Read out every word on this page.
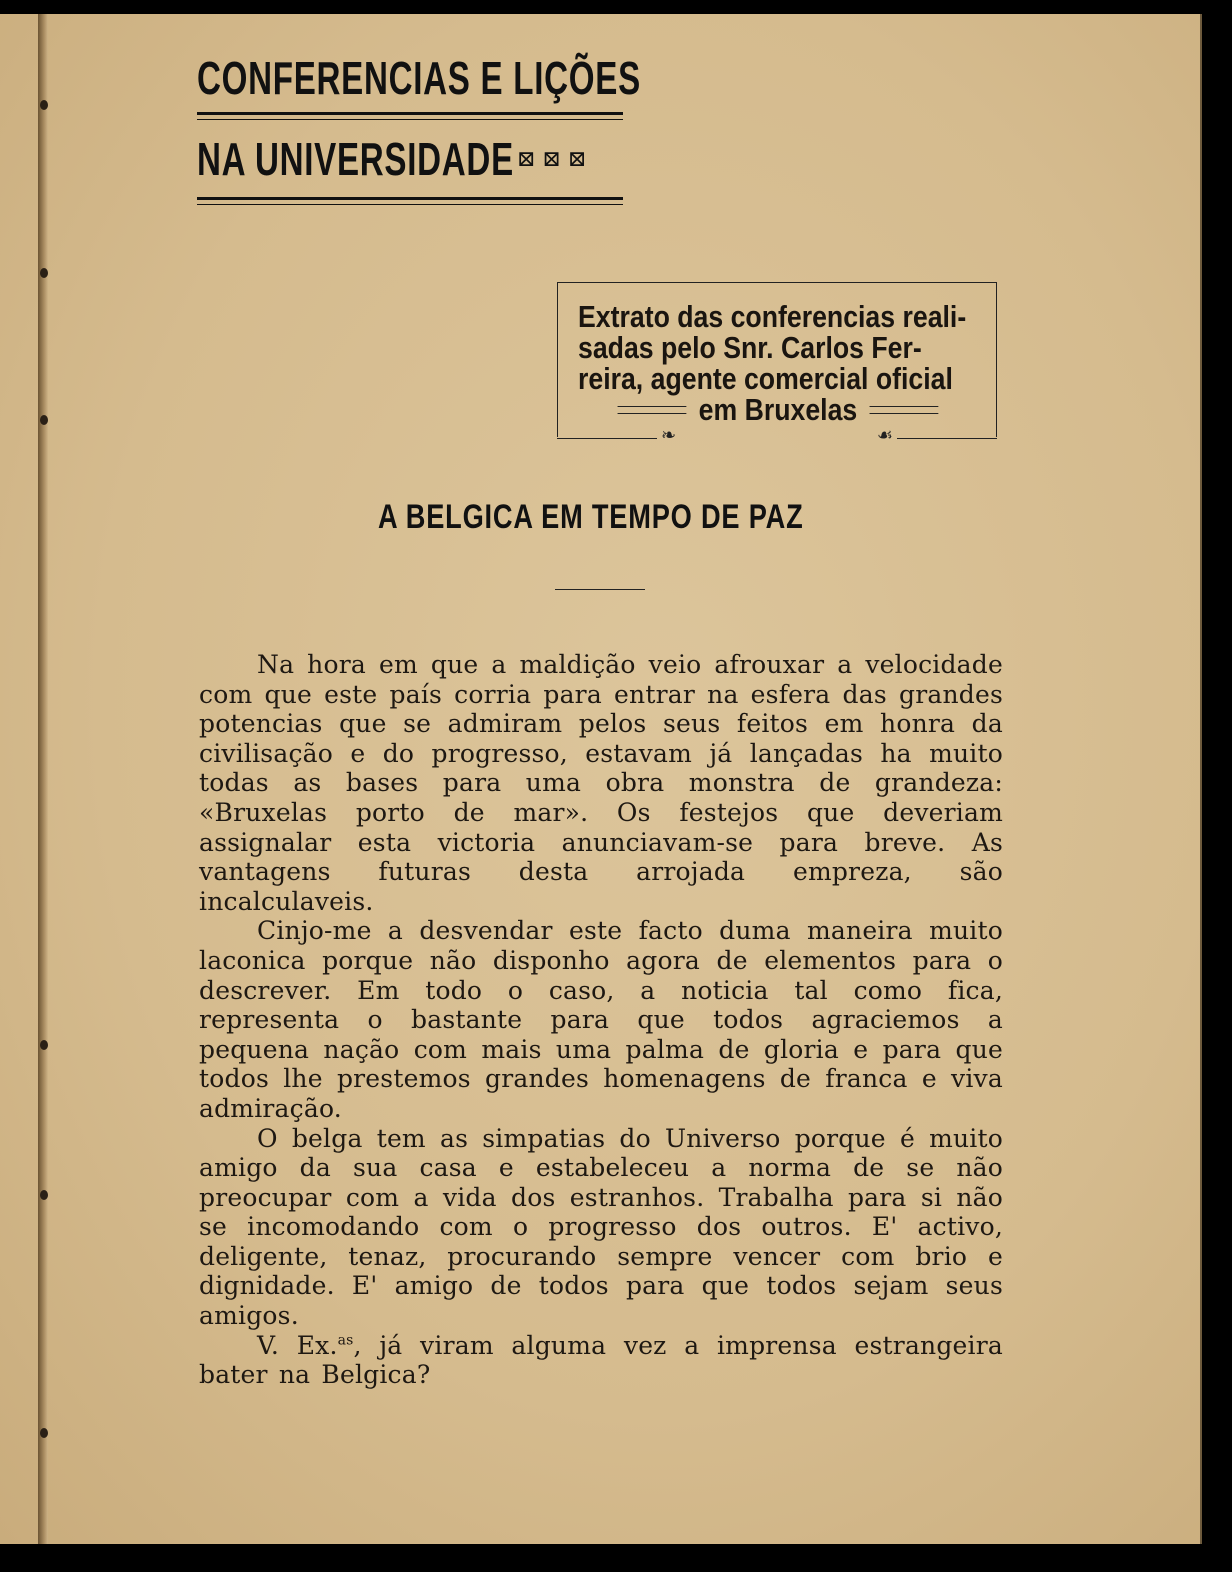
CONFERENCIAS E LIÇÕES
NA UNIVERSIDADE ⊠ ⊠ ⊠
Extrato das conferencias reali-
sadas pelo Snr. Carlos Fer-
reira, agente comercial oficial
em Bruxelas
❧	☙
A BELGICA EM TEMPO DE PAZ

Na hora em que a maldição veio afrouxar a velocidade com que este país corria para entrar na esfera das grandes potencias que se admiram pelos seus feitos em honra da civilisação e do progresso, estavam já lançadas ha muito todas as bases para uma obra monstra de grandeza: «Bruxelas porto de mar». Os festejos que deveriam assignalar esta victoria anunciavam-se para breve. As vantagens futuras desta arrojada empreza, são incalculaveis.

Cinjo-me a desvendar este facto duma maneira muito laconica porque não disponho agora de elementos para o descrever. Em todo o caso, a noticia tal como fica, representa o bastante para que todos agraciemos a pequena nação com mais uma palma de gloria e para que todos lhe prestemos grandes homenagens de franca e viva admiração.

O belga tem as simpatias do Universo porque é muito amigo da sua casa e estabeleceu a norma de se não preocupar com a vida dos estranhos. Trabalha para si não se incomodando com o progresso dos outros. E' activo, deligente, tenaz, procurando sempre vencer com brio e dignidade. E' amigo de todos para que todos sejam seus amigos.

V. Ex.$^{as}$, já viram alguma vez a imprensa estrangeira bater na Belgica?
